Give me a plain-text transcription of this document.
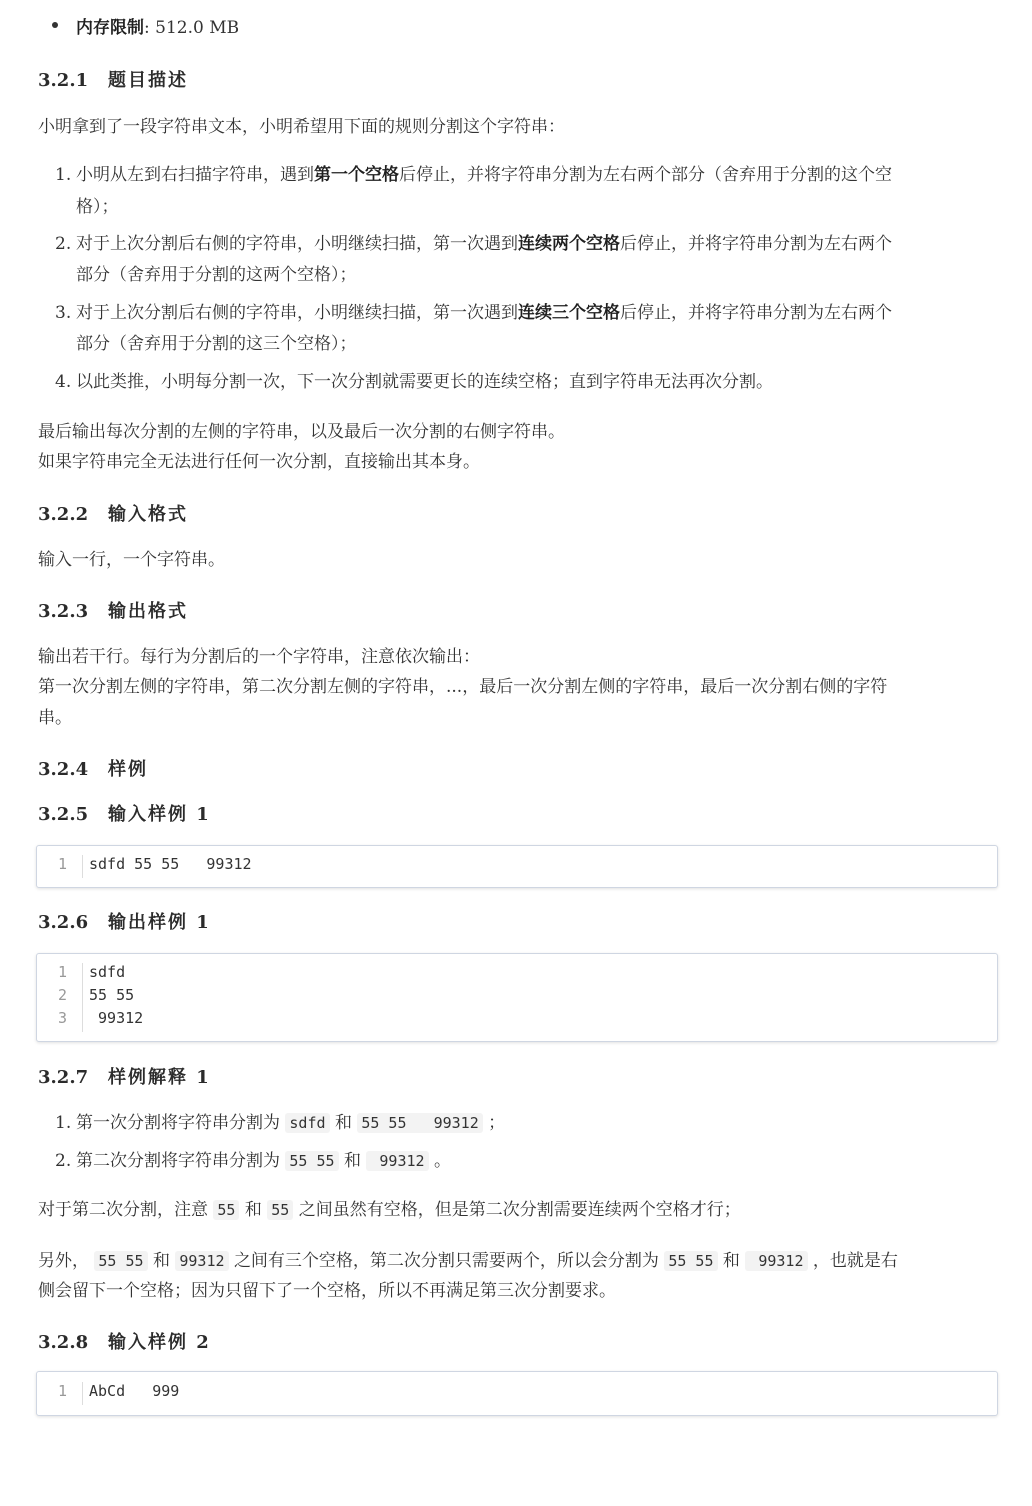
内存限制: 512.0 MB
3.2.1 题目描述
小明拿到了一段字符串文本，小明希望用下面的规则分割这个字符串：
1. 小明从左到右扫描字符串，遇到第一个空格后停止，并将字符串分割为左右两个部分（舍弃用于分割的这个空
格）；
2. 对于上次分割后右侧的字符串，小明继续扫描，第一次遇到连续两个空格后停止，并将字符串分割为左右两个
部分（舍弃用于分割的这两个空格）；
3. 对于上次分割后右侧的字符串，小明继续扫描，第一次遇到连续三个空格后停止，并将字符串分割为左右两个
部分（舍弃用于分割的这三个空格）；
4. 以此类推，小明每分割一次，下一次分割就需要更长的连续空格；直到字符串无法再次分割。
最后输出每次分割的左侧的字符串，以及最后一次分割的右侧字符串。
如果字符串完全无法进行任何一次分割，直接输出其本身。
3.2.2 输入格式
输入一行，一个字符串。
3.2.3 输出格式
输出若干行。每行为分割后的一个字符串，注意依次输出：
第一次分割左侧的字符串，第二次分割左侧的字符串，...，最后一次分割左侧的字符串，最后一次分割右侧的字符
串。
3.2.4 样例
3.2.5 输入样例 1
1 sdfd 55 55   99312
3.2.6 输出样例 1
1 sdfd
2 55 55
3 99312
3.2.7 样例解释 1
1. 第一次分割将字符串分割为 sdfd 和 55 55   99312 ；
2. 第二次分割将字符串分割为 55 55 和  99312 。
对于第二次分割，注意 55 和 55 之间虽然有空格，但是第二次分割需要连续两个空格才行；
另外， 55 55 和 99312 之间有三个空格，第二次分割只需要两个，所以会分割为 55 55 和  99312 ，也就是右
侧会留下一个空格；因为只留下了一个空格，所以不再满足第三次分割要求。
3.2.8 输入样例 2
1 AbCd   999
